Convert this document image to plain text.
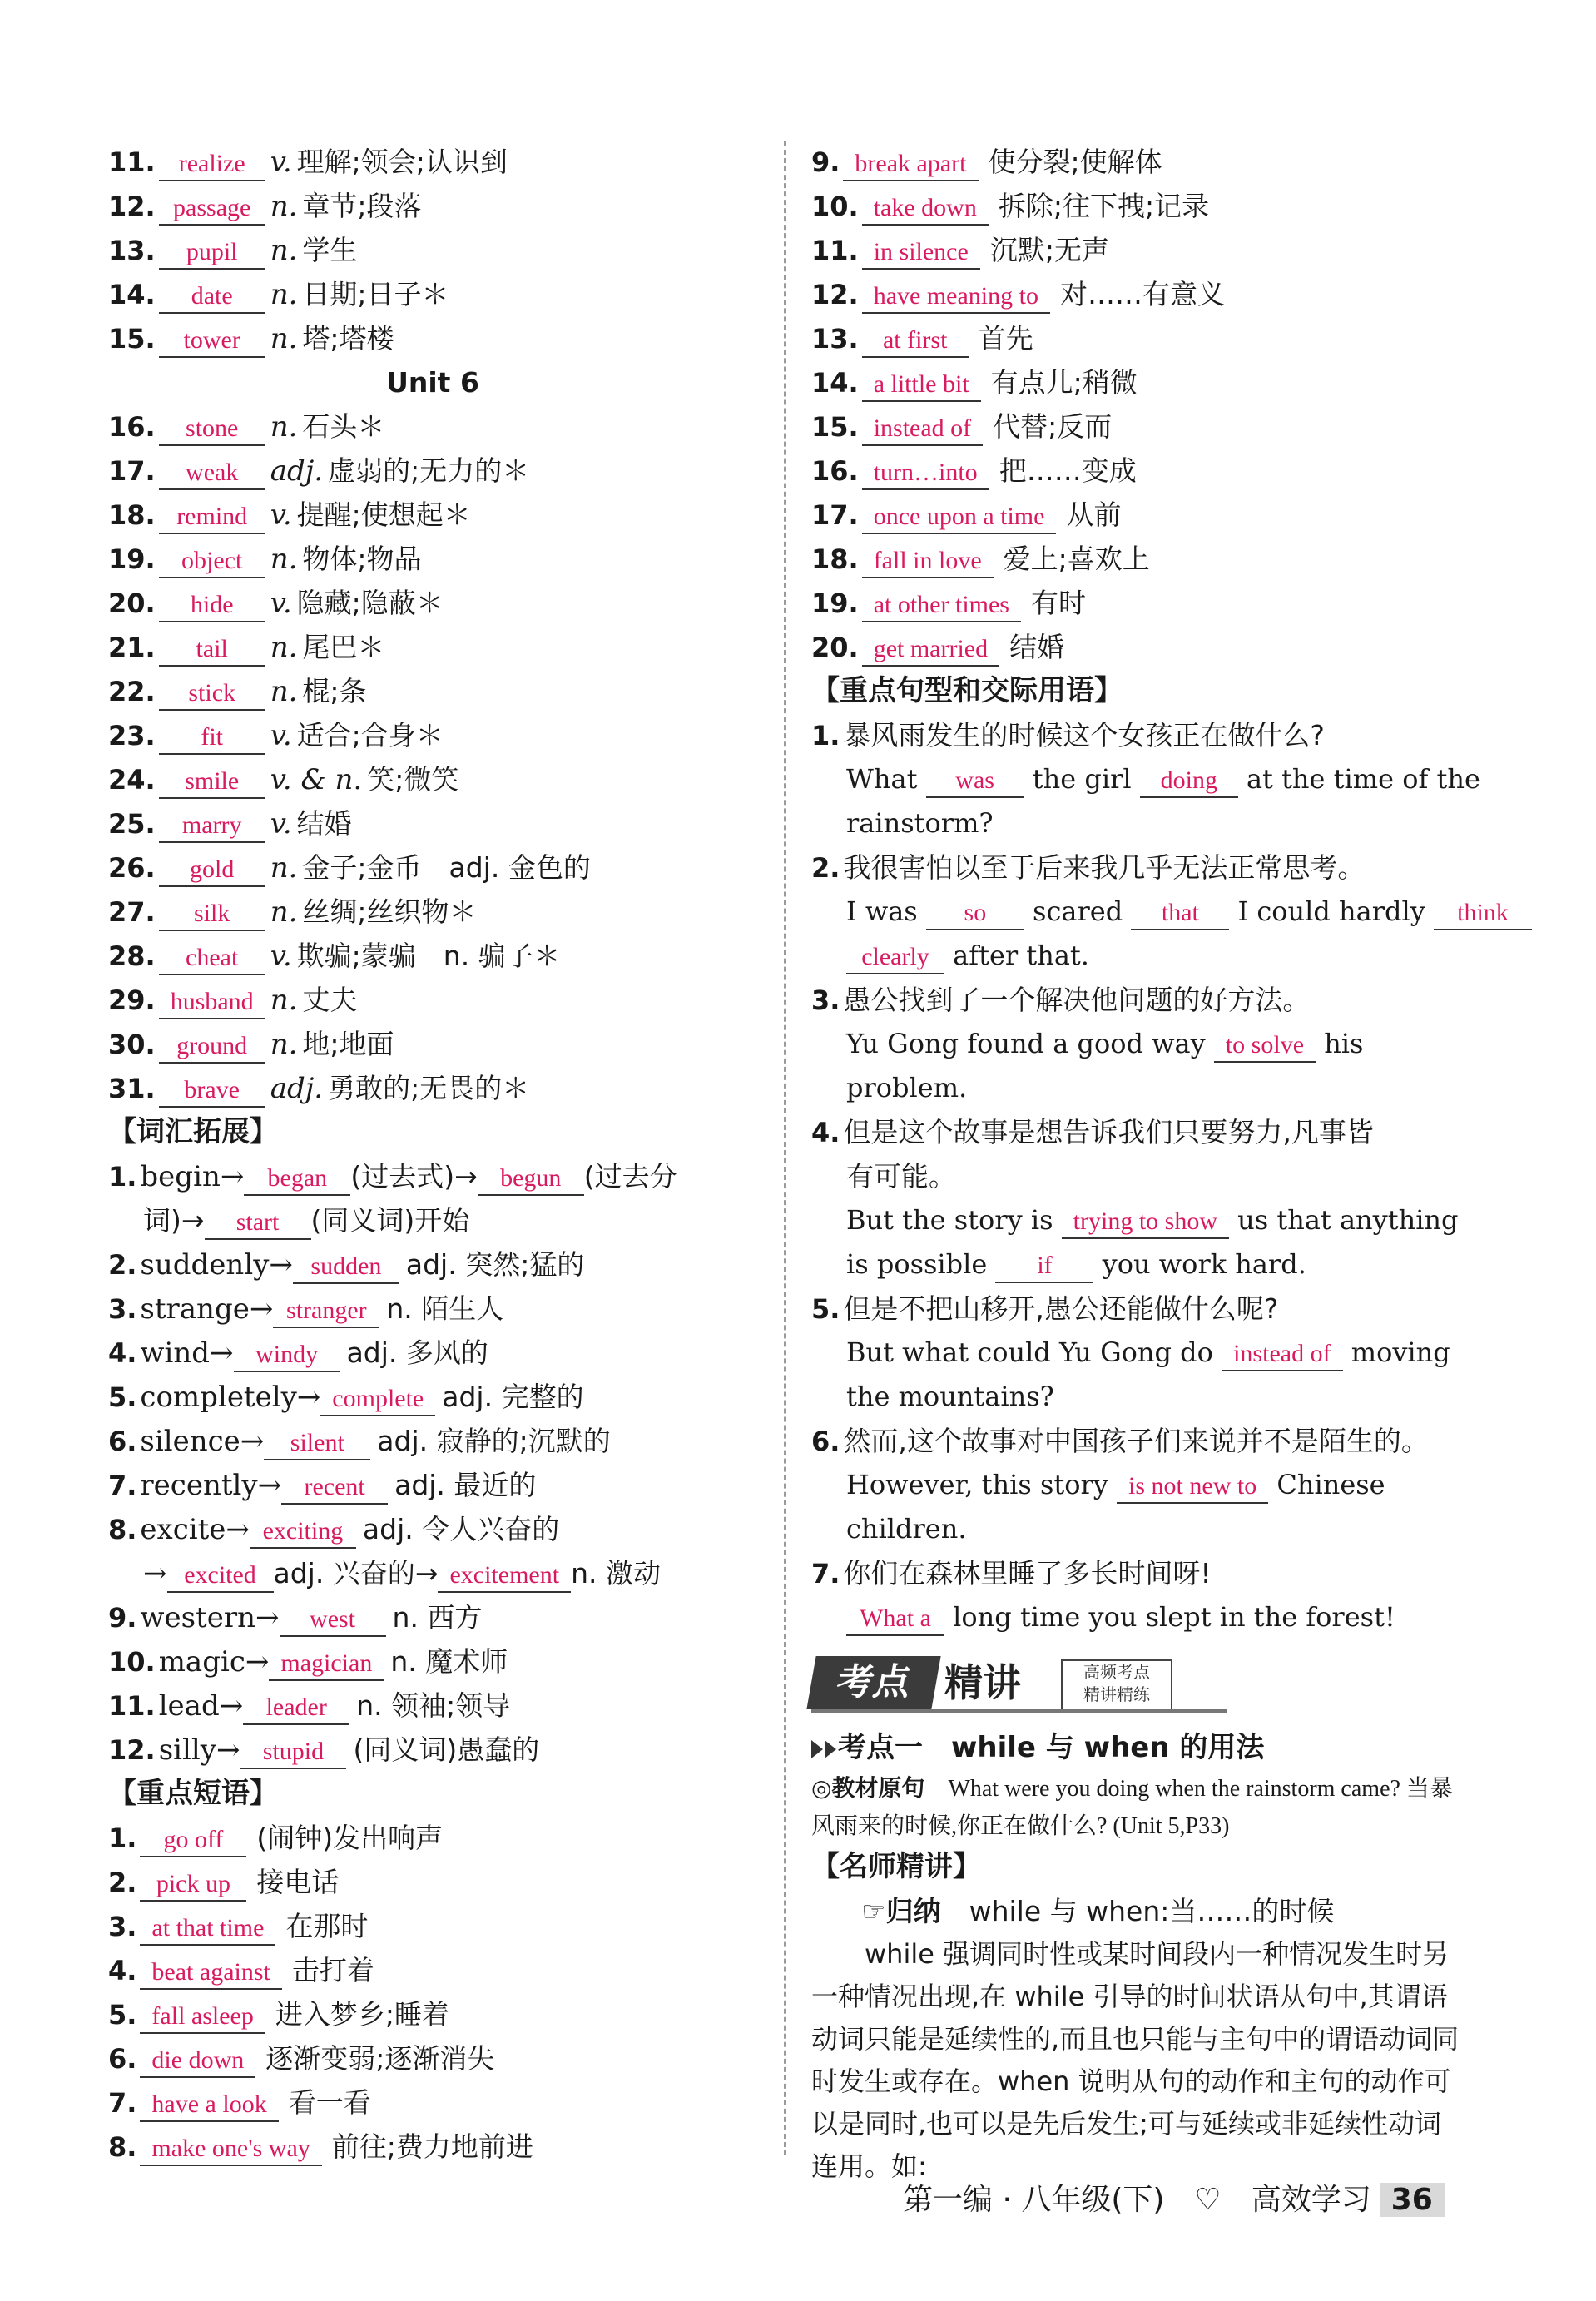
11. realize v. 理解;领会;认识到
12. passage n. 章节;段落
13. pupil n. 学生
14. date n. 日期;日子＊
15. tower n. 塔;塔楼
Unit 6
16. stone n. 石头＊
17. weak adj. 虚弱的;无力的＊
18. remind v. 提醒;使想起＊
19. object n. 物体;物品
20. hide v. 隐藏;隐蔽＊
21. tail n. 尾巴＊
22. stick n. 棍;条
23. fit v. 适合;合身＊
24. smile v. & n. 笑;微笑
25. marry v. 结婚
26. gold n. 金子;金币　adj. 金色的
27. silk n. 丝绸;丝织物＊
28. cheat v. 欺骗;蒙骗　n. 骗子＊
29. husband n. 丈夫
30. ground n. 地;地面
31. brave adj. 勇敢的;无畏的＊
【词汇拓展】
1. begin→ began (过去式)→ begun (过去分
词)→ start (同义词)开始
2. suddenly→ sudden adj. 突然;猛的
3. strange→ stranger n. 陌生人
4. wind→ windy adj. 多风的
5. completely→ complete adj. 完整的
6. silence→ silent adj. 寂静的;沉默的
7. recently→ recent adj. 最近的
8. excite→ exciting adj. 令人兴奋的
→ excited adj. 兴奋的→ excitement n. 激动
9. western→ west n. 西方
10. magic→ magician n. 魔术师
11. lead→ leader n. 领袖;领导
12. silly→ stupid (同义词)愚蠢的
【重点短语】
1. go off (闹钟)发出响声
2. pick up 接电话
3. at that time 在那时
4. beat against 击打着
5. fall asleep 进入梦乡;睡着
6. die down 逐渐变弱;逐渐消失
7. have a look 看一看
8. make one's way 前往;费力地前进
9. break apart 使分裂;使解体
10. take down 拆除;往下拽;记录
11. in silence 沉默;无声
12. have meaning to 对……有意义
13. at first 首先
14. a little bit 有点儿;稍微
15. instead of 代替;反而
16. turn…into 把……变成
17. once upon a time 从前
18. fall in love 爱上;喜欢上
19. at other times 有时
20. get married 结婚
【重点句型和交际用语】
1. 暴风雨发生的时候这个女孩正在做什么?
What was the girl doing at the time of the
rainstorm?
2. 我很害怕以至于后来我几乎无法正常思考。
I was so scared that I could hardly think
clearly after that.
3. 愚公找到了一个解决他问题的好方法。
Yu Gong found a good way to solve his
problem.
4. 但是这个故事是想告诉我们只要努力,凡事皆
有可能。
But the story is trying to show us that anything
is possible if you work hard.
5. 但是不把山移开,愚公还能做什么呢?
But what could Yu Gong do instead of moving
the mountains?
6. 然而,这个故事对中国孩子们来说并不是陌生的。
However, this story is not new to Chinese
children.
7. 你们在森林里睡了多长时间呀!
What a long time you slept in the forest!
考点 精讲	高频考点
精讲精练
考点一　while 与 when 的用法
◎教材原句　 What were you doing when the rainstorm came? 当暴风雨来的时候,你正在做什么? (Unit 5,P33)
【名师精讲】
☞归纳　 while 与 when:当……的时候
while 强调同时性或某时间段内一种情况发生时另一种情况出现,在 while 引导的时间状语从句中,其谓语动词只能是延续性的,而且也只能与主句中的谓语动词同时发生或存在。when 说明从句的动作和主句的动作可以是同时,也可以是先后发生;可与延续或非延续性动词连用。如:
第一编 · 八年级(下)　♡　高效学习 36
